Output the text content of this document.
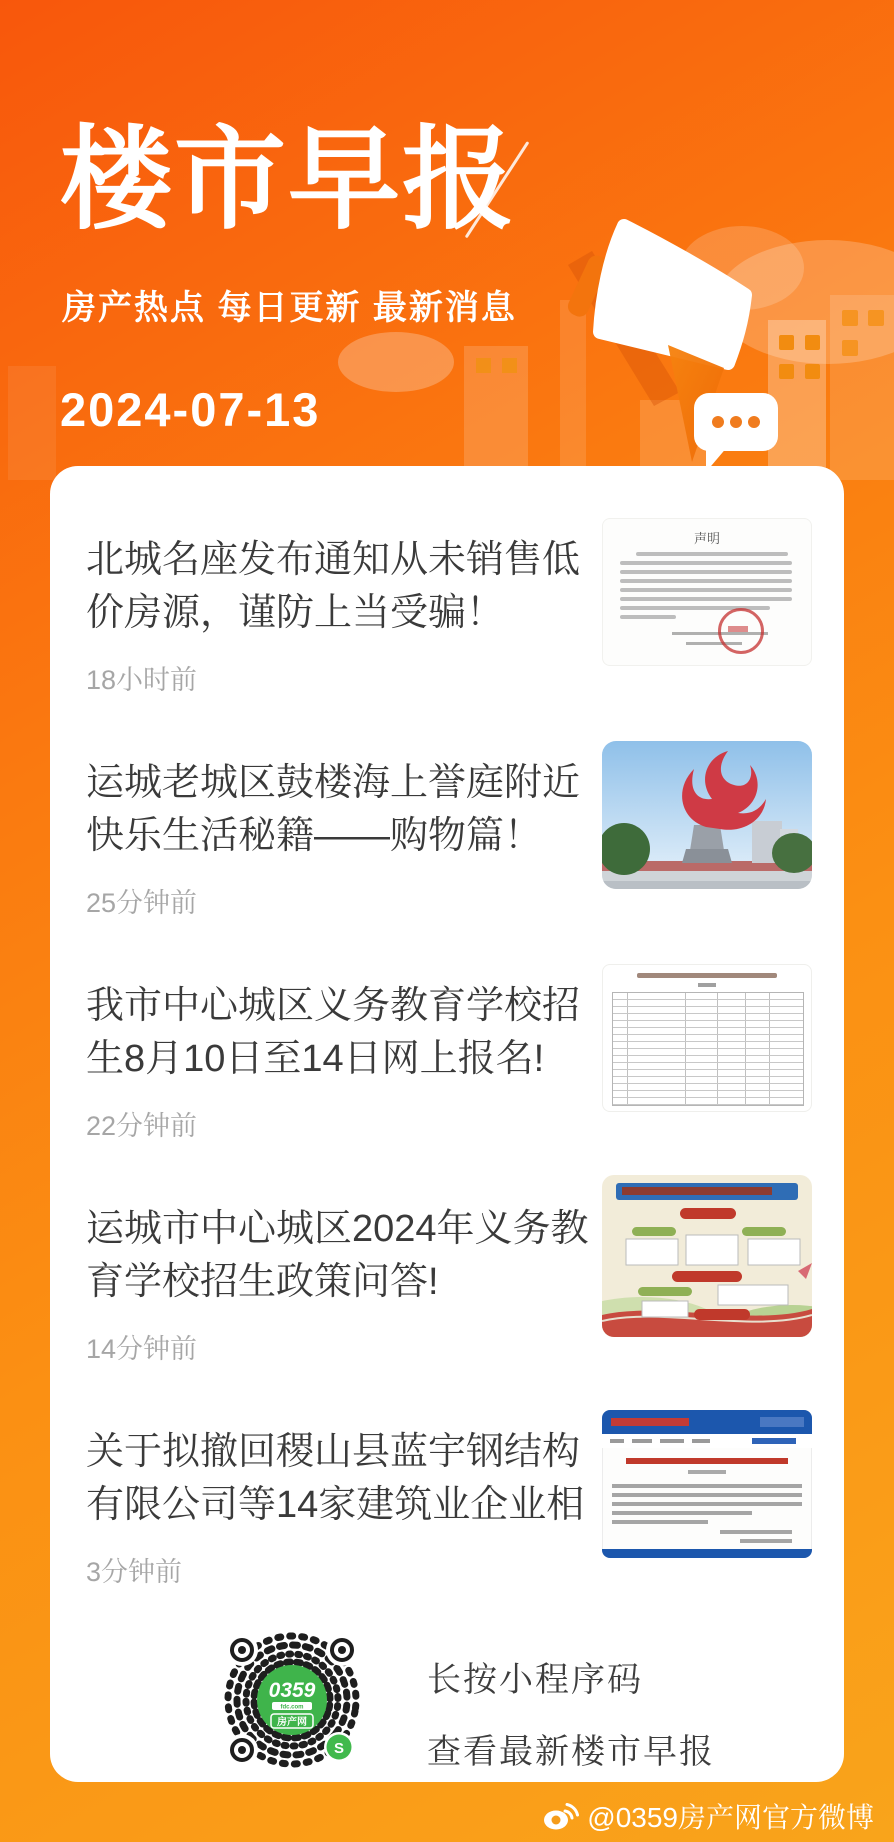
楼市早报
房产热点 每日更新 最新消息
2024-07-13
北城名座发布通知从未销售低价房源，谨防上当受骗！
18小时前
声明
运城老城区鼓楼海上誉庭附近快乐生活秘籍——购物篇！
25分钟前
我市中心城区义务教育学校招生8月10日至14日网上报名!
22分钟前
运城市中心城区2024年义务教育学校招生政策问答!
14分钟前
关于拟撤回稷山县蓝宇钢结构有限公司等14家建筑业企业相
3分钟前
0359
fdc.com
房产网
S
长按小程序码
查看最新楼市早报
@0359房产网官方微博
